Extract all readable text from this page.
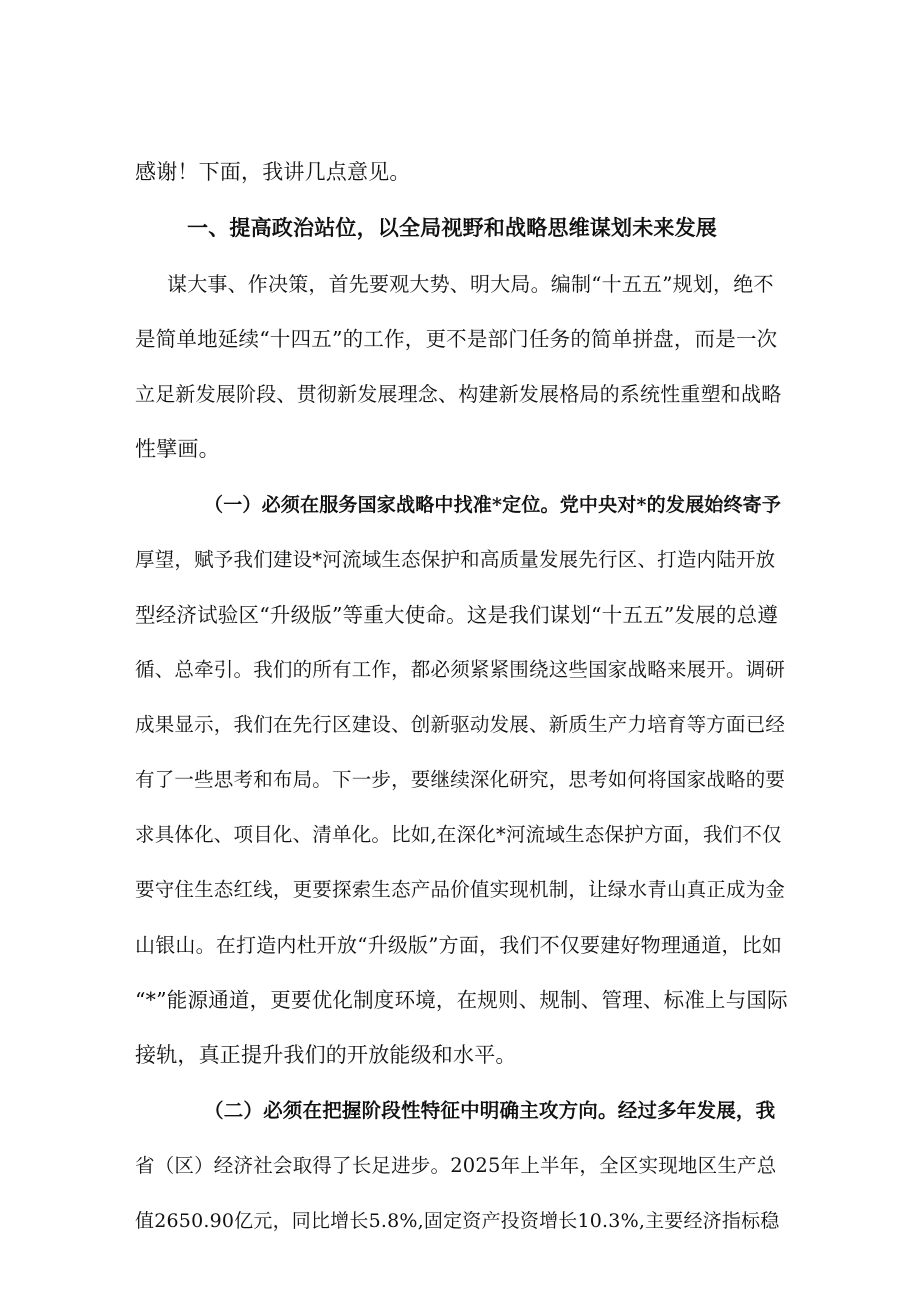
感谢！下面，我讲几点意见。

一、提高政治站位，以全局视野和战略思维谋划未来发展

谋大事、作决策，首先要观大势、明大局。编制“十五五”规划，绝不

是简单地延续“十四五”的工作，更不是部门任务的简单拼盘，而是一次

立足新发展阶段、贯彻新发展理念、构建新发展格局的系统性重塑和战略

性擘画。

（一）必须在服务国家战略中找准*定位。党中央对*的发展始终寄予

厚望，赋予我们建设*河流域生态保护和高质量发展先行区、打造内陆开放

型经济试验区“升级版”等重大使命。这是我们谋划“十五五”发展的总遵

循、总牵引。我们的所有工作，都必须紧紧围绕这些国家战略来展开。调研

成果显示，我们在先行区建设、创新驱动发展、新质生产力培育等方面已经

有了一些思考和布局。下一步，要继续深化研究，思考如何将国家战略的要

求具体化、项目化、清单化。比如,在深化*河流域生态保护方面，我们不仅

要守住生态红线，更要探索生态产品价值实现机制，让绿水青山真正成为金

山银山。在打造内杜开放“升级版”方面，我们不仅要建好物理通道，比如

“*”能源通道，更要优化制度环境，在规则、规制、管理、标准上与国际

接轨，真正提升我们的开放能级和水平。

（二）必须在把握阶段性特征中明确主攻方向。经过多年发展，我

省（区）经济社会取得了长足进步。2025年上半年，全区实现地区生产总

值2650.90亿元，同比增长5.8%,固定资产投资增长10.3%,主要经济指标稳
